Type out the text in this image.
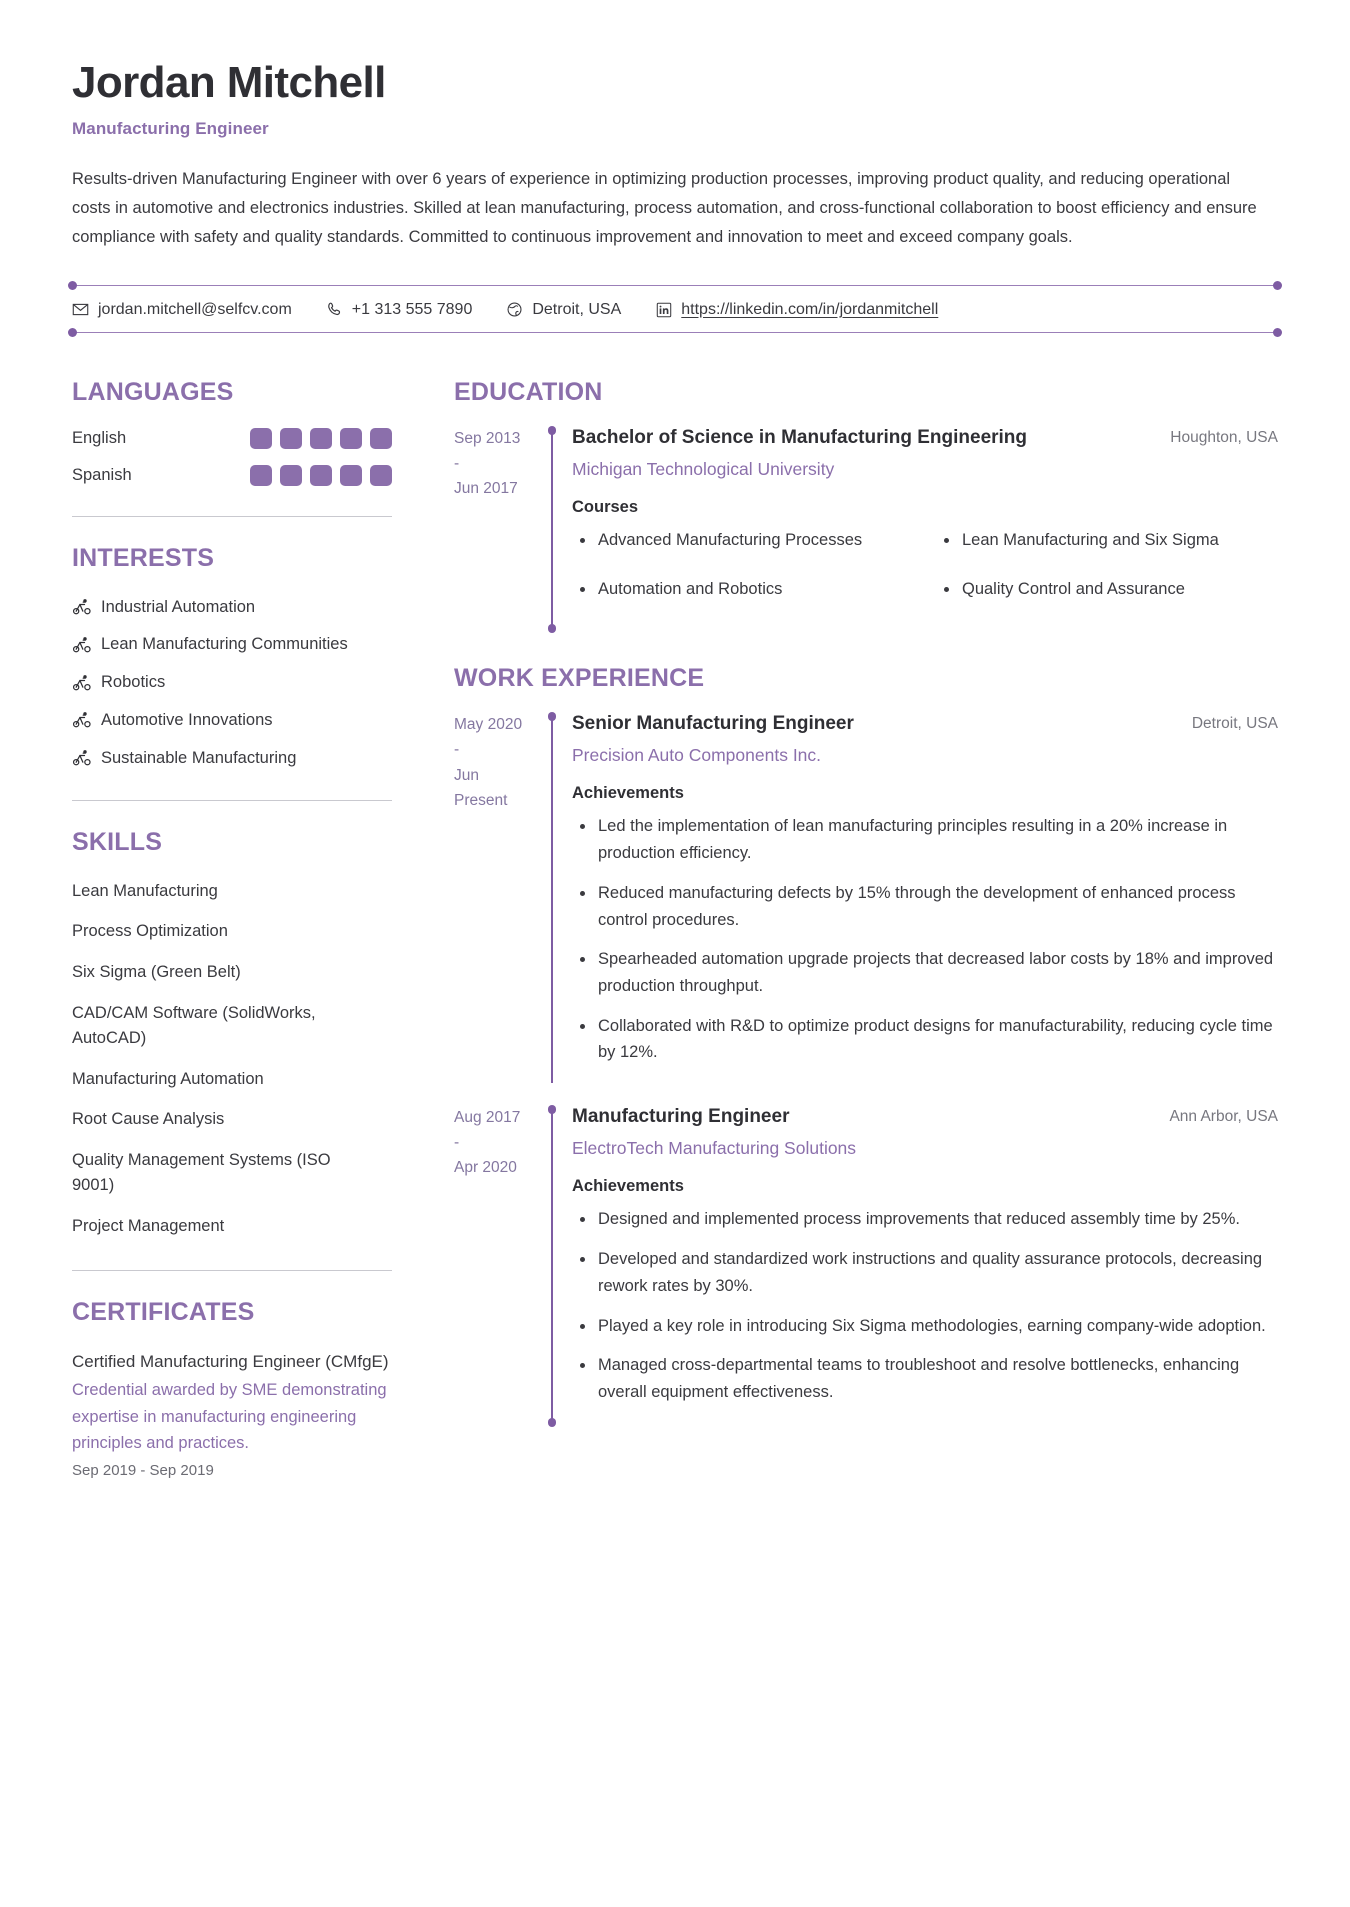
Jordan Mitchell
Manufacturing Engineer

Results-driven Manufacturing Engineer with over 6 years of experience in optimizing production processes, improving product quality, and reducing operational costs in automotive and electronics industries. Skilled at lean manufacturing, process automation, and cross-functional collaboration to boost efficiency and ensure compliance with safety and quality standards. Committed to continuous improvement and innovation to meet and exceed company goals.

jordan.mitchell@selfcv.com	+1 313 555 7890	Detroit, USA	https://linkedin.com/in/jordanmitchell
LANGUAGES
English
Spanish
INTERESTS
Industrial Automation
Lean Manufacturing Communities
Robotics
Automotive Innovations
Sustainable Manufacturing
SKILLS
Lean Manufacturing
Process Optimization
Six Sigma (Green Belt)
CAD/CAM Software (SolidWorks, AutoCAD)
Manufacturing Automation
Root Cause Analysis
Quality Management Systems (ISO 9001)
Project Management
CERTIFICATES
Certified Manufacturing Engineer (CMfgE)
Credential awarded by SME demonstrating expertise in manufacturing engineering principles and practices.
Sep 2019 - Sep 2019
EDUCATION
Sep 2013
-
Jun 2017
Bachelor of Science in Manufacturing Engineering	Houghton, USA
Michigan Technological University
Courses
Advanced Manufacturing Processes	Lean Manufacturing and Six Sigma
Automation and Robotics	Quality Control and Assurance
WORK EXPERIENCE
May 2020
-
Jun Present
Senior Manufacturing Engineer	Detroit, USA
Precision Auto Components Inc.
Achievements
Led the implementation of lean manufacturing principles resulting in a 20% increase in production efficiency.
Reduced manufacturing defects by 15% through the development of enhanced process control procedures.
Spearheaded automation upgrade projects that decreased labor costs by 18% and improved production throughput.
Collaborated with R&D to optimize product designs for manufacturability, reducing cycle time by 12%.
Aug 2017
-
Apr 2020
Manufacturing Engineer	Ann Arbor, USA
ElectroTech Manufacturing Solutions
Achievements
Designed and implemented process improvements that reduced assembly time by 25%.
Developed and standardized work instructions and quality assurance protocols, decreasing rework rates by 30%.
Played a key role in introducing Six Sigma methodologies, earning company-wide adoption.
Managed cross-departmental teams to troubleshoot and resolve bottlenecks, enhancing overall equipment effectiveness.
